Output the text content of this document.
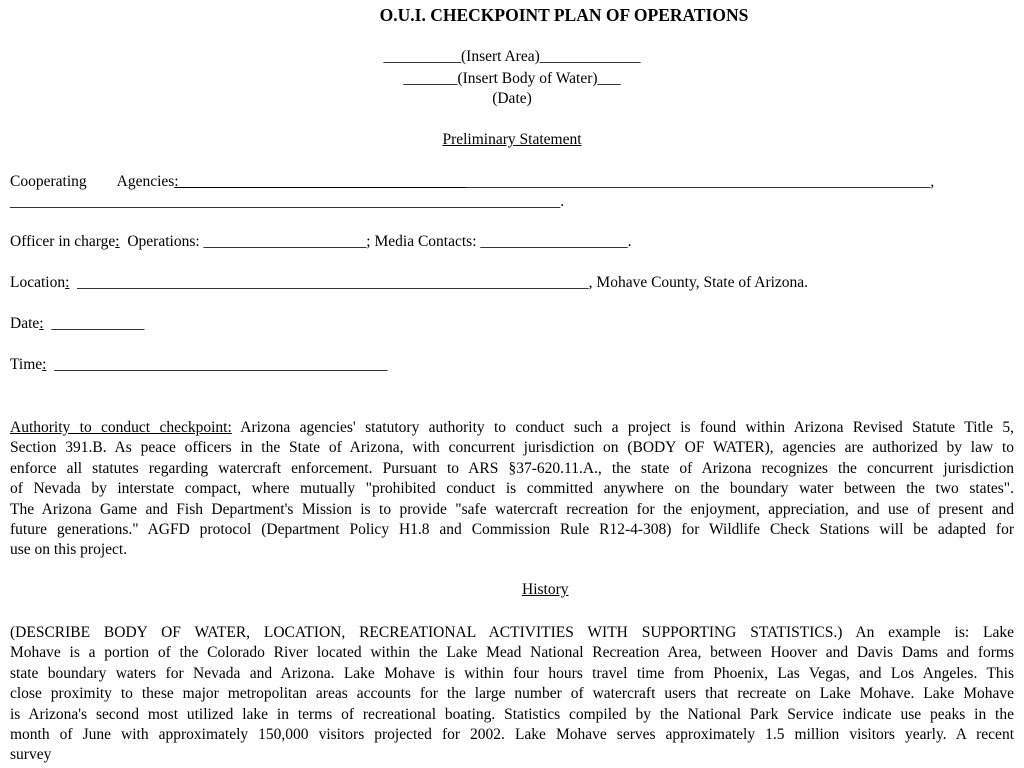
O.U.I. CHECKPOINT PLAN OF OPERATIONS
__________(Insert Area)_____________
_______(Insert Body of Water)___
(Date)
Preliminary Statement
Cooperating Agencies:_________________________________________________________________________________________________,
_______________________________________________________________________.
Officer in charge:  Operations: _____________________; Media Contacts: ___________________.
Location:  __________________________________________________________________, Mohave County, State of Arizona.
Date:  ____________
Time:  ___________________________________________
Authority to conduct checkpoint: Arizona agencies' statutory authority to conduct such a project is found within Arizona Revised Statute Title 5,
Section 391.B. As peace officers in the State of Arizona, with concurrent jurisdiction on (BODY OF WATER), agencies are authorized by law to
enforce all statutes regarding watercraft enforcement. Pursuant to ARS §37-620.11.A., the state of Arizona recognizes the concurrent jurisdiction
of Nevada by interstate compact, where mutually "prohibited conduct is committed anywhere on the boundary water between the two states".
The Arizona Game and Fish Department's Mission is to provide "safe watercraft recreation for the enjoyment, appreciation, and use of present and
future generations." AGFD protocol (Department Policy H1.8 and Commission Rule R12-4-308) for Wildlife Check Stations will be adapted for
use on this project.
History
(DESCRIBE BODY OF WATER, LOCATION, RECREATIONAL ACTIVITIES WITH SUPPORTING STATISTICS.) An example is: Lake
Mohave is a portion of the Colorado River located within the Lake Mead National Recreation Area, between Hoover and Davis Dams and forms
state boundary waters for Nevada and Arizona. Lake Mohave is within four hours travel time from Phoenix, Las Vegas, and Los Angeles. This
close proximity to these major metropolitan areas accounts for the large number of watercraft users that recreate on Lake Mohave. Lake Mohave
is Arizona's second most utilized lake in terms of recreational boating. Statistics compiled by the National Park Service indicate use peaks in the
month of June with approximately 150,000 visitors projected for 2002. Lake Mohave serves approximately 1.5 million visitors yearly. A recent
survey
